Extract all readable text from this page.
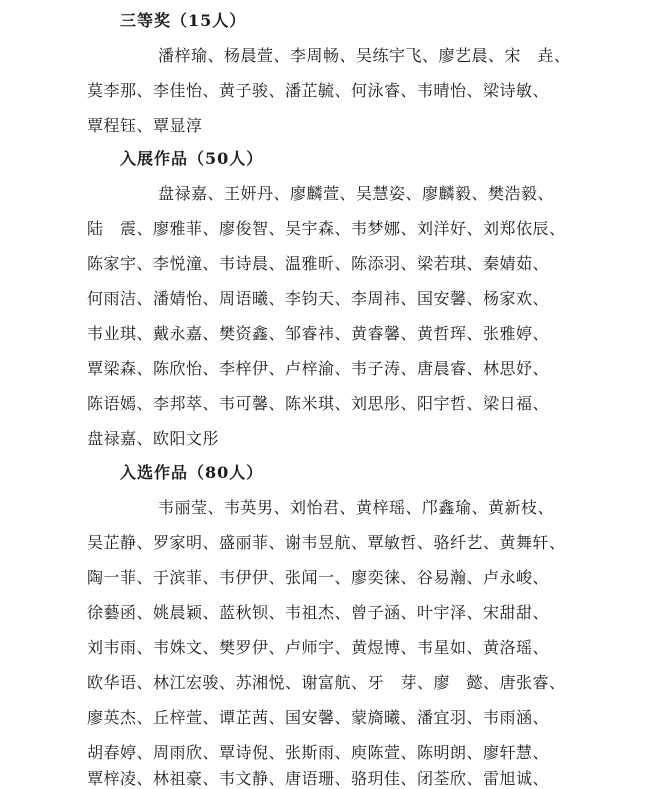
三等奖（15人）
潘梓瑜、杨晨萱、李周畅、吴练宇飞、廖艺晨、宋　垚、
莫李那、李佳怡、黄子骏、潘芷毓、何泳睿、韦晴怡、梁诗敏、
覃程钰、覃显淳
入展作品（50人）
盘禄嘉、王妍丹、廖麟萱、吴慧姿、廖麟毅、樊浩毅、
陆　震、廖雅菲、廖俊智、吴宇森、韦梦娜、刘洋好、刘郑依辰、
陈家宇、李悦潼、韦诗晨、温雅昕、陈添羽、梁若琪、秦婧茹、
何雨洁、潘婧怡、周语曦、李钧天、李周祎、国安馨、杨家欢、
韦业琪、戴永嘉、樊资鑫、邹睿祎、黄睿馨、黄哲珲、张雅婷、
覃梁森、陈欣怡、李梓伊、卢梓渝、韦子涛、唐晨睿、林思妤、
陈语嫣、李邦萃、韦可馨、陈米琪、刘思彤、阳宇哲、梁日福、
盘禄嘉、欧阳文彤
入选作品（80人）
韦丽莹、韦英男、刘怡君、黄梓瑶、邝鑫瑜、黄新枝、
吴芷静、罗家明、盛丽菲、谢韦昱航、覃敏哲、骆纤艺、黄舞轩、
陶一菲、于滨菲、韦伊伊、张闻一、廖奕徕、谷易瀚、卢永峻、
徐藝函、姚晨颖、蓝秋钡、韦祖杰、曾子涵、叶宇泽、宋甜甜、
刘韦雨、韦姝文、樊罗伊、卢师宇、黄煜博、韦星如、黄洛瑶、
欧华语、林江宏骏、苏湘悦、谢富航、牙　芽、廖　懿、唐张睿、
廖英杰、丘梓萱、谭芷茜、国安馨、蒙旖曦、潘宜羽、韦雨涵、
胡春婷、周雨欣、覃诗倪、张斯雨、庾陈萱、陈明朗、廖轩慧、
覃梓凌、林祖豪、韦文静、唐语珊、骆玥佳、闭荃欣、雷旭诚、
